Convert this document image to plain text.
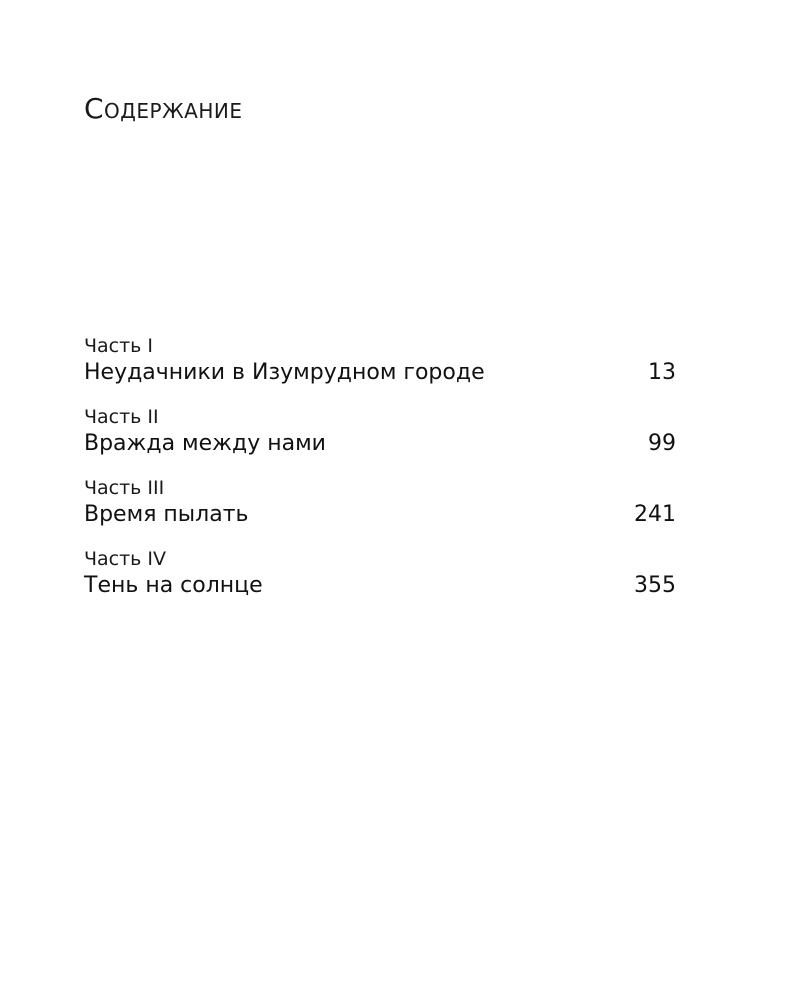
Содержание
Часть I
Неудачники в Изумрудном городе	13
Часть II
Вражда между нами	99
Часть III
Время пылать	241
Часть IV
Тень на солнце	355
